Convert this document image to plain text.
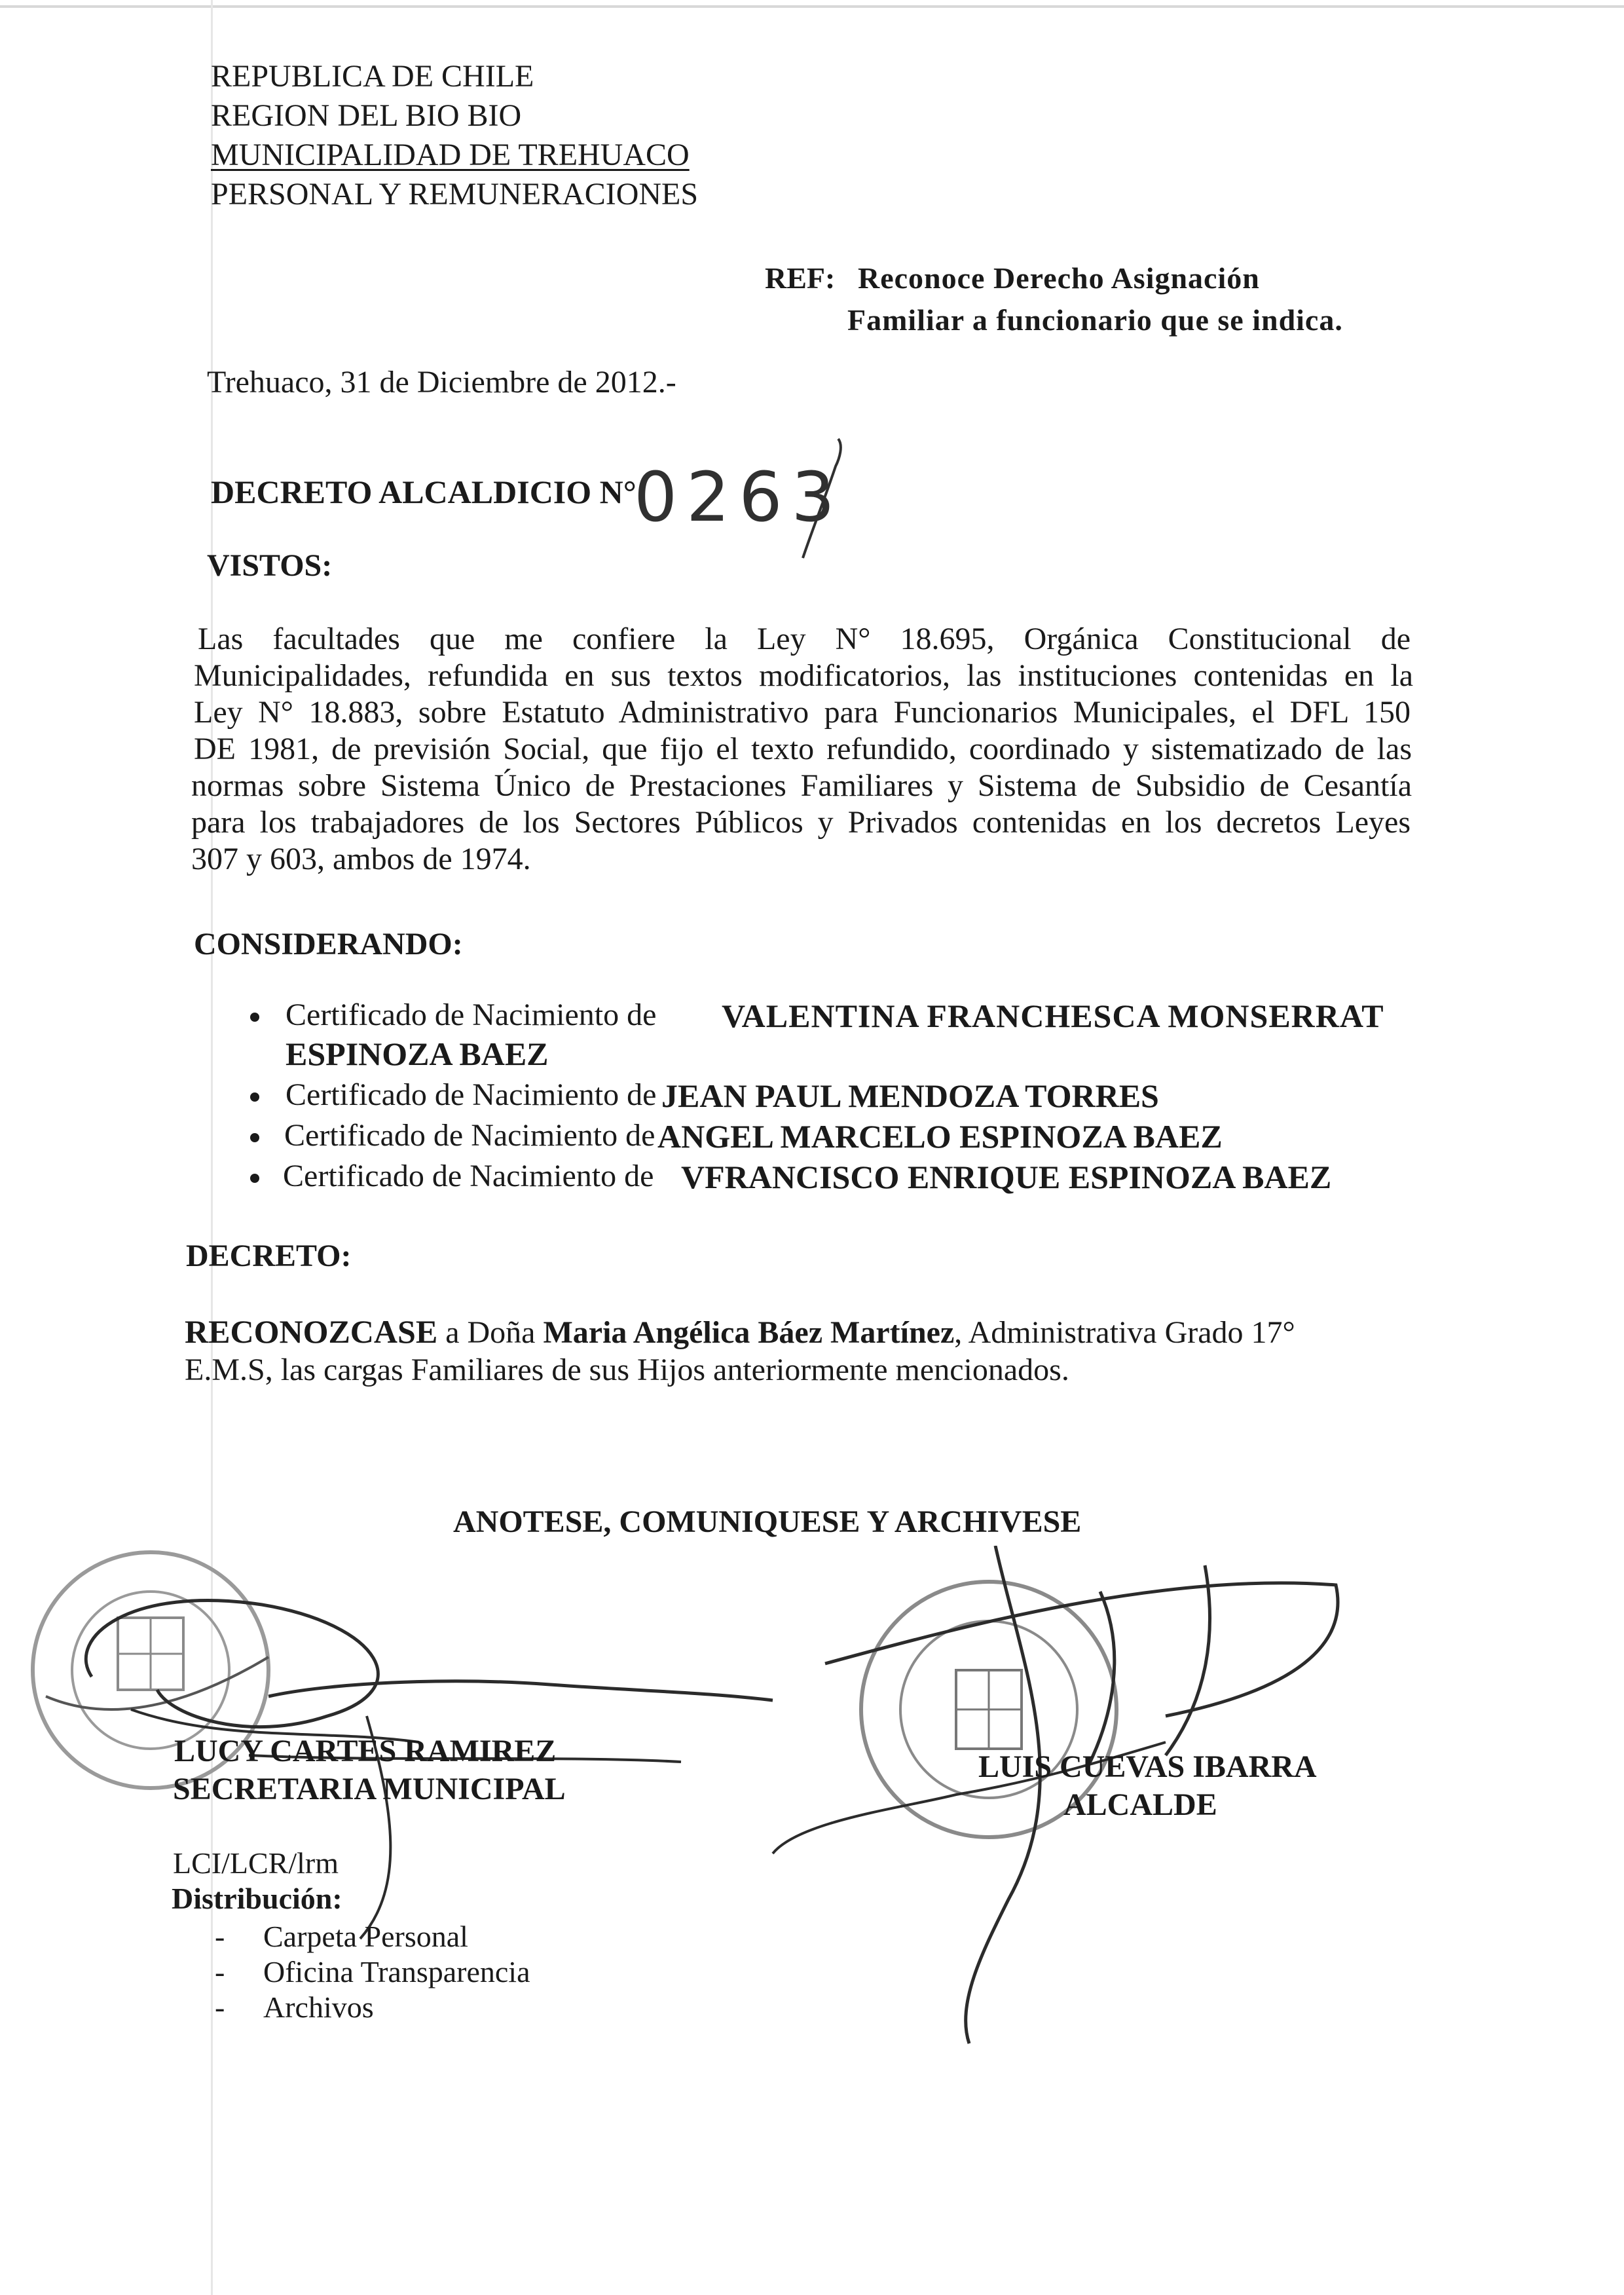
REPUBLICA DE CHILE
REGION DEL BIO BIO
MUNICIPALIDAD DE TREHUACO
PERSONAL Y REMUNERACIONES
REF: Reconoce Derecho Asignación
Familiar a funcionario que se indica.
Trehuaco, 31 de Diciembre de 2012.-
DECRETO ALCALDICIO N°
0263
VISTOS:
Las facultades que me confiere la Ley N° 18.695, Orgánica Constitucional de
Municipalidades, refundida en sus textos modificatorios, las instituciones contenidas en la
Ley N° 18.883, sobre Estatuto Administrativo para Funcionarios Municipales, el DFL 150
DE 1981, de previsión Social, que fijo el texto refundido, coordinado y sistematizado de las
normas sobre Sistema Único de Prestaciones Familiares y Sistema de Subsidio de Cesantía
para los trabajadores de los Sectores Públicos y Privados contenidas en los decretos Leyes
307 y 603, ambos de 1974.
CONSIDERANDO:
Certificado de Nacimiento de VALENTINA FRANCHESCA MONSERRAT
ESPINOZA BAEZ
Certificado de Nacimiento de JEAN PAUL MENDOZA TORRES
Certificado de Nacimiento de ANGEL MARCELO ESPINOZA BAEZ
Certificado de Nacimiento de VFRANCISCO ENRIQUE ESPINOZA BAEZ
DECRETO:
RECONOZCASE a Doña Maria Angélica Báez Martínez, Administrativa Grado 17°
E.M.S, las cargas Familiares de sus Hijos anteriormente mencionados.
ANOTESE, COMUNIQUESE Y ARCHIVESE
LUCY CARTES RAMIREZ
SECRETARIA MUNICIPAL
LUIS CUEVAS IBARRA
ALCALDE
LCI/LCR/lrm
Distribución:
- Carpeta Personal
- Oficina Transparencia
- Archivos
